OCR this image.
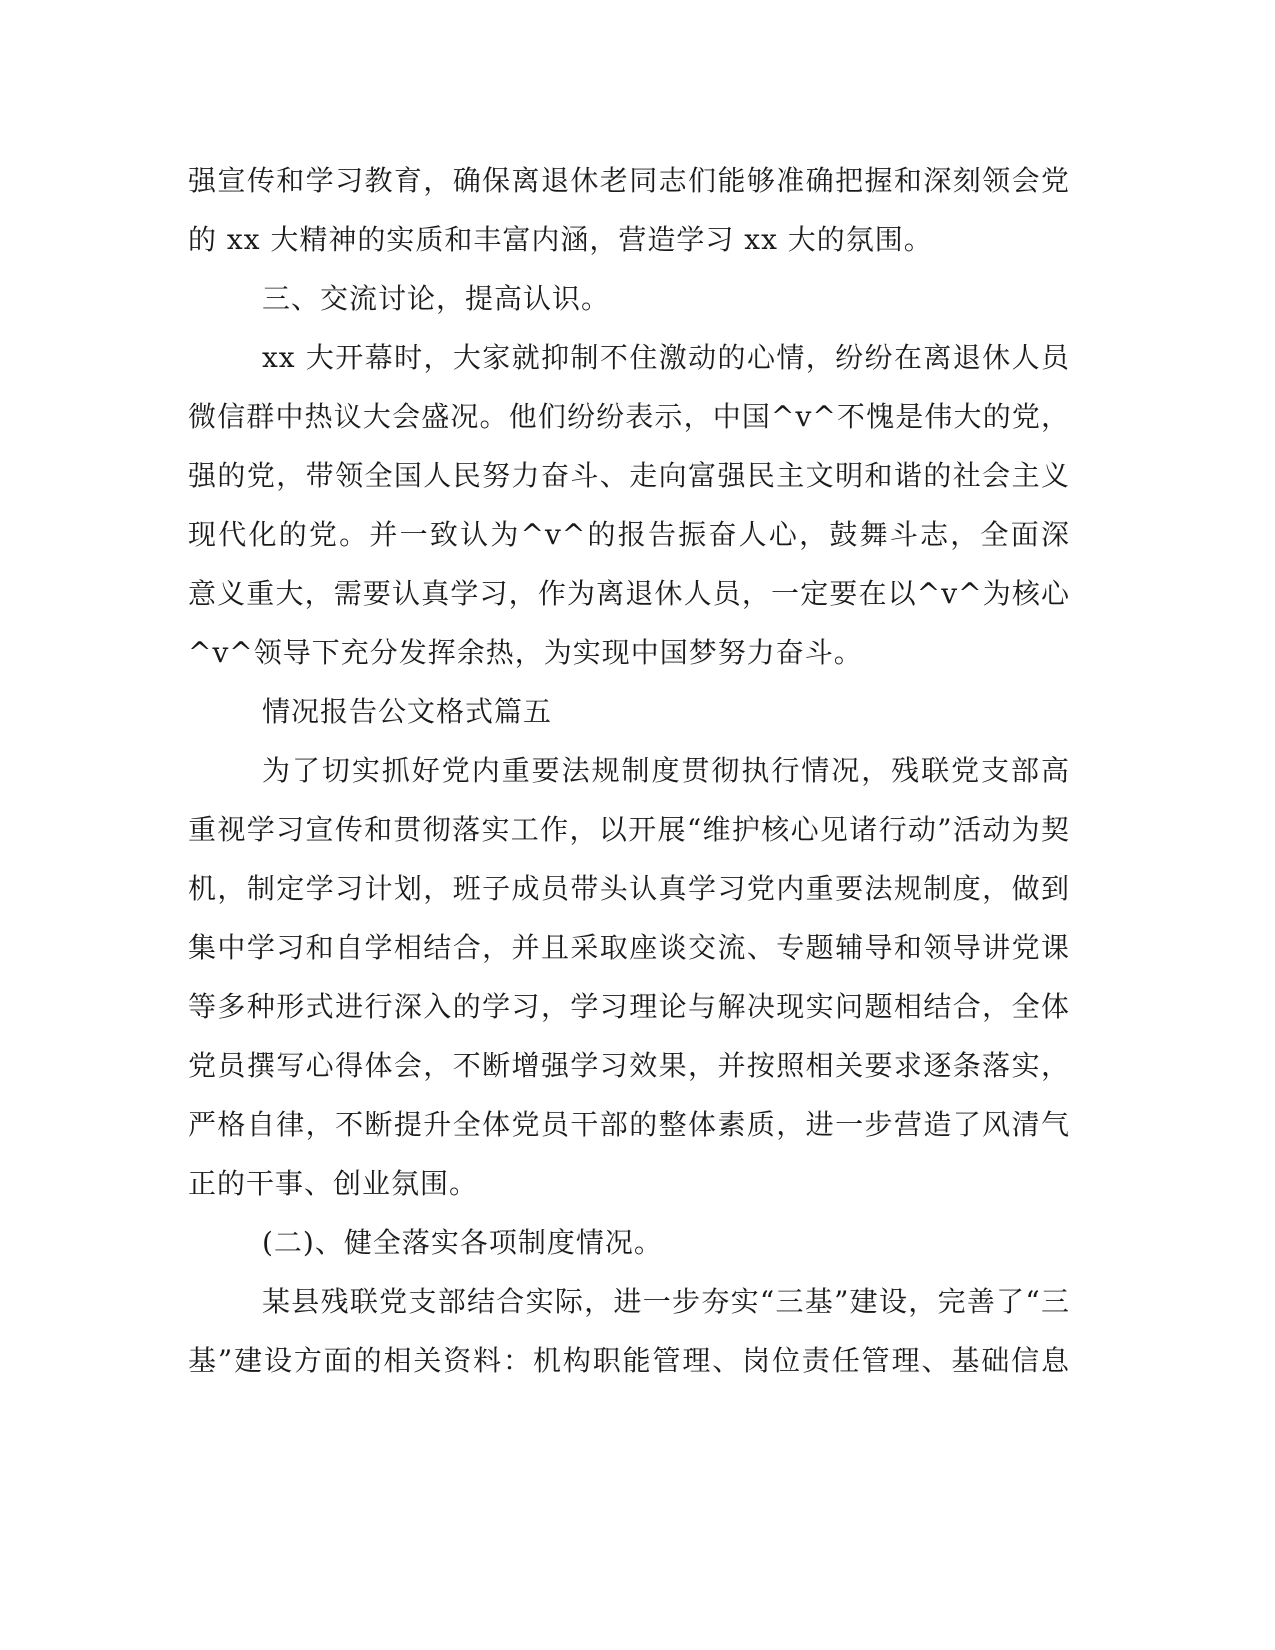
强宣传和学习教育，确保离退休老同志们能够准确把握和深刻领会党
的 xx 大精神的实质和丰富内涵，营造学习 xx 大的氛围。
三、交流讨论，提高认识。
xx 大开幕时，大家就抑制不住激动的心情，纷纷在离退休人员
微信群中热议大会盛况。他们纷纷表示，中国^v^不愧是伟大的党，
强的党，带领全国人民努力奋斗、走向富强民主文明和谐的社会主义
现代化的党。并一致认为^v^的报告振奋人心，鼓舞斗志，全面深
意义重大，需要认真学习，作为离退休人员，一定要在以^v^为核心
^v^领导下充分发挥余热，为实现中国梦努力奋斗。
情况报告公文格式篇五
为了切实抓好党内重要法规制度贯彻执行情况，残联党支部高
重视学习宣传和贯彻落实工作，以开展“维护核心见诸行动”活动为契
机，制定学习计划，班子成员带头认真学习党内重要法规制度，做到
集中学习和自学相结合，并且采取座谈交流、专题辅导和领导讲党课
等多种形式进行深入的学习，学习理论与解决现实问题相结合，全体
党员撰写心得体会，不断增强学习效果，并按照相关要求逐条落实，
严格自律，不断提升全体党员干部的整体素质，进一步营造了风清气
正的干事、创业氛围。
(二)、健全落实各项制度情况。
某县残联党支部结合实际，进一步夯实“三基”建设，完善了“三
基”建设方面的相关资料：机构职能管理、岗位责任管理、基础信息
